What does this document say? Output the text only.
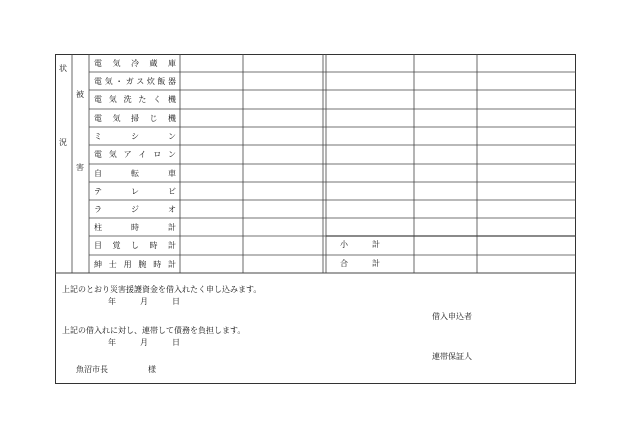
状
況
被
害
電 気 冷 蔵 庫
電気・ガス炊飯器
電 気 洗 た く 機
電 気 掃 じ 機
ミ シ ン
電 気 ア イ ロ ン
自 転 車
テ レ ビ
ラ ジ オ
柱 時 計
目 覚 し 時 計
紳 士 用 腕 時 計
小　　　計
合　　　計
上記のとおり災害援護資金を借入れたく申し込みます。
年　　　月　　　日
借入申込者
上記の借入れに対し、連帯して債務を負担します。
年　　　月　　　日
連帯保証人
魚沼市長　　　　　様
